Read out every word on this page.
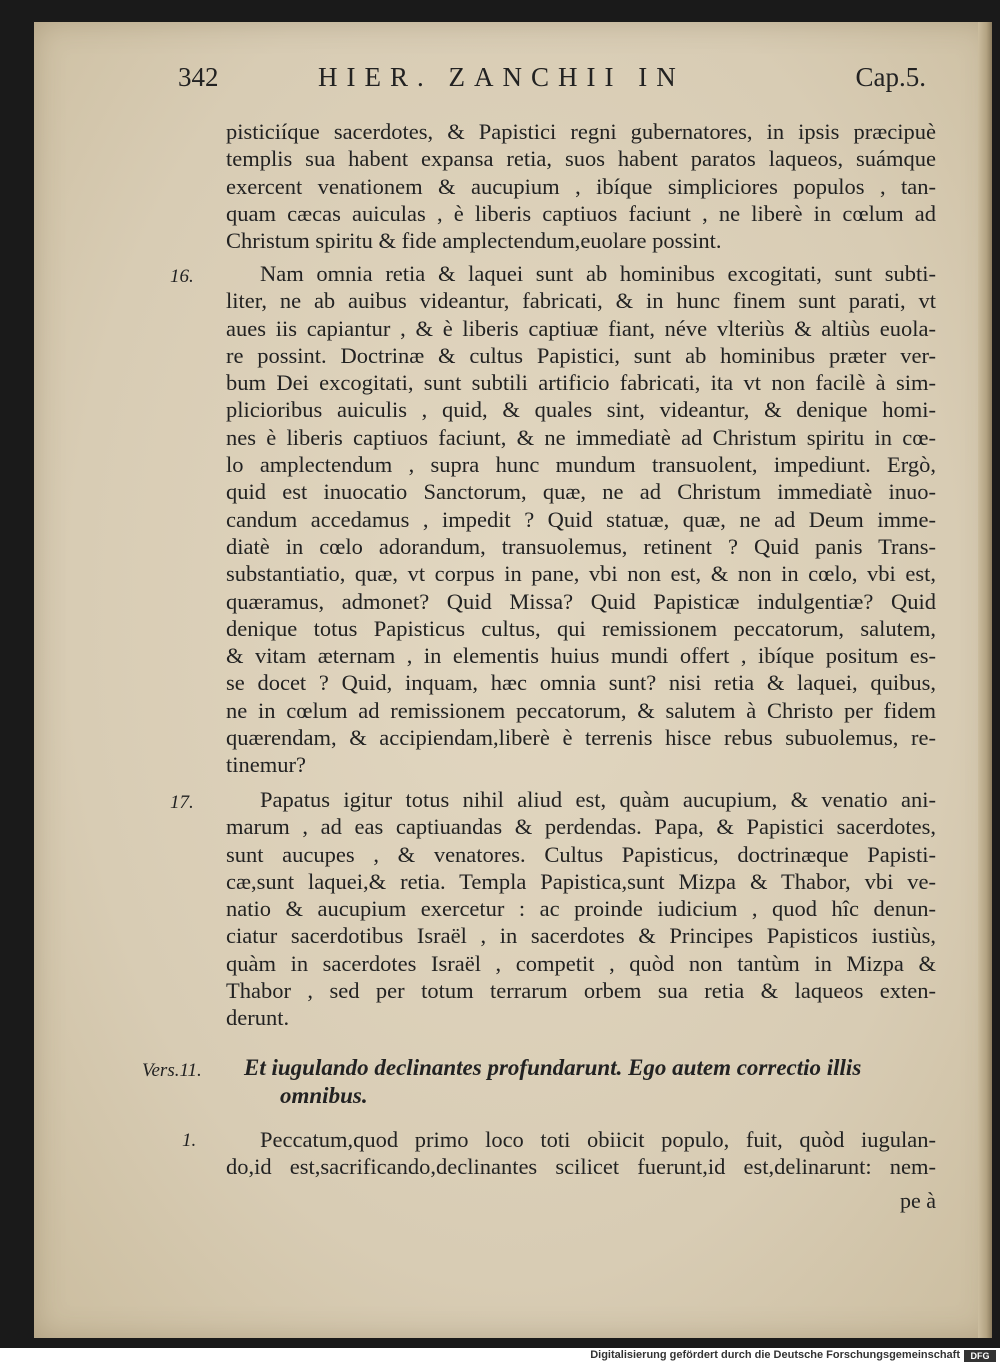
342	HIER. ZANCHII IN	Cap.5.
pisticiíque sacerdotes, & Papistici regni gubernatores, in ipsis præcipuè
templis sua habent expansa retia, suos habent paratos laqueos, suámque
exercent venationem & aucupium , ibíque simpliciores populos , tan-
quam cæcas auiculas , è liberis captiuos faciunt , ne liberè in cœlum ad
Christum spiritu & fide amplectendum,euolare possint.
16.	Nam omnia retia & laquei sunt ab hominibus excogitati, sunt subti-
liter, ne ab auibus videantur, fabricati, & in hunc finem sunt parati, vt
aues iis capiantur , & è liberis captiuæ fiant, néve vlteriùs & altiùs euola-
re possint. Doctrinæ & cultus Papistici, sunt ab hominibus præter ver-
bum Dei excogitati, sunt subtili artificio fabricati, ita vt non facilè à sim-
plicioribus auiculis , quid, & quales sint, videantur, & denique homi-
nes è liberis captiuos faciunt, & ne immediatè ad Christum spiritu in cœ-
lo amplectendum , supra hunc mundum transuolent, impediunt. Ergò,
quid est inuocatio Sanctorum, quæ, ne ad Christum immediatè inuo-
candum accedamus , impedit ? Quid statuæ, quæ, ne ad Deum imme-
diatè in cœlo adorandum, transuolemus, retinent ? Quid panis Trans-
substantiatio, quæ, vt corpus in pane, vbi non est, & non in cœlo, vbi est,
quæramus, admonet? Quid Missa? Quid Papisticæ indulgentiæ? Quid
denique totus Papisticus cultus, qui remissionem peccatorum, salutem,
& vitam æternam , in elementis huius mundi offert , ibíque positum es-
se docet ? Quid, inquam, hæc omnia sunt? nisi retia & laquei, quibus,
ne in cœlum ad remissionem peccatorum, & salutem à Christo per fidem
quærendam, & accipiendam,liberè è terrenis hisce rebus subuolemus, re-
tinemur?
17.	Papatus igitur totus nihil aliud est, quàm aucupium, & venatio ani-
marum , ad eas captiuandas & perdendas. Papa, & Papistici sacerdotes,
sunt aucupes , & venatores. Cultus Papisticus, doctrinæque Papisti-
cæ,sunt laquei,& retia. Templa Papistica,sunt Mizpa & Thabor, vbi ve-
natio & aucupium exercetur : ac proinde iudicium , quod hîc denun-
ciatur sacerdotibus Israël , in sacerdotes & Principes Papisticos iustiùs,
quàm in sacerdotes Israël , competit , quòd non tantùm in Mizpa &
Thabor , sed per totum terrarum orbem sua retia & laqueos exten-
derunt.
Vers.11. Et iugulando declinantes profundarunt. Ego autem correctio illis
omnibus.
1.	Peccatum,quod primo loco toti obiicit populo, fuit, quòd iugulan-
do,id est,sacrificando,declinantes scilicet fuerunt,id est,delinarunt: nem-
pe à
Digitalisierung gefördert durch die Deutsche Forschungsgemeinschaft	DFG
